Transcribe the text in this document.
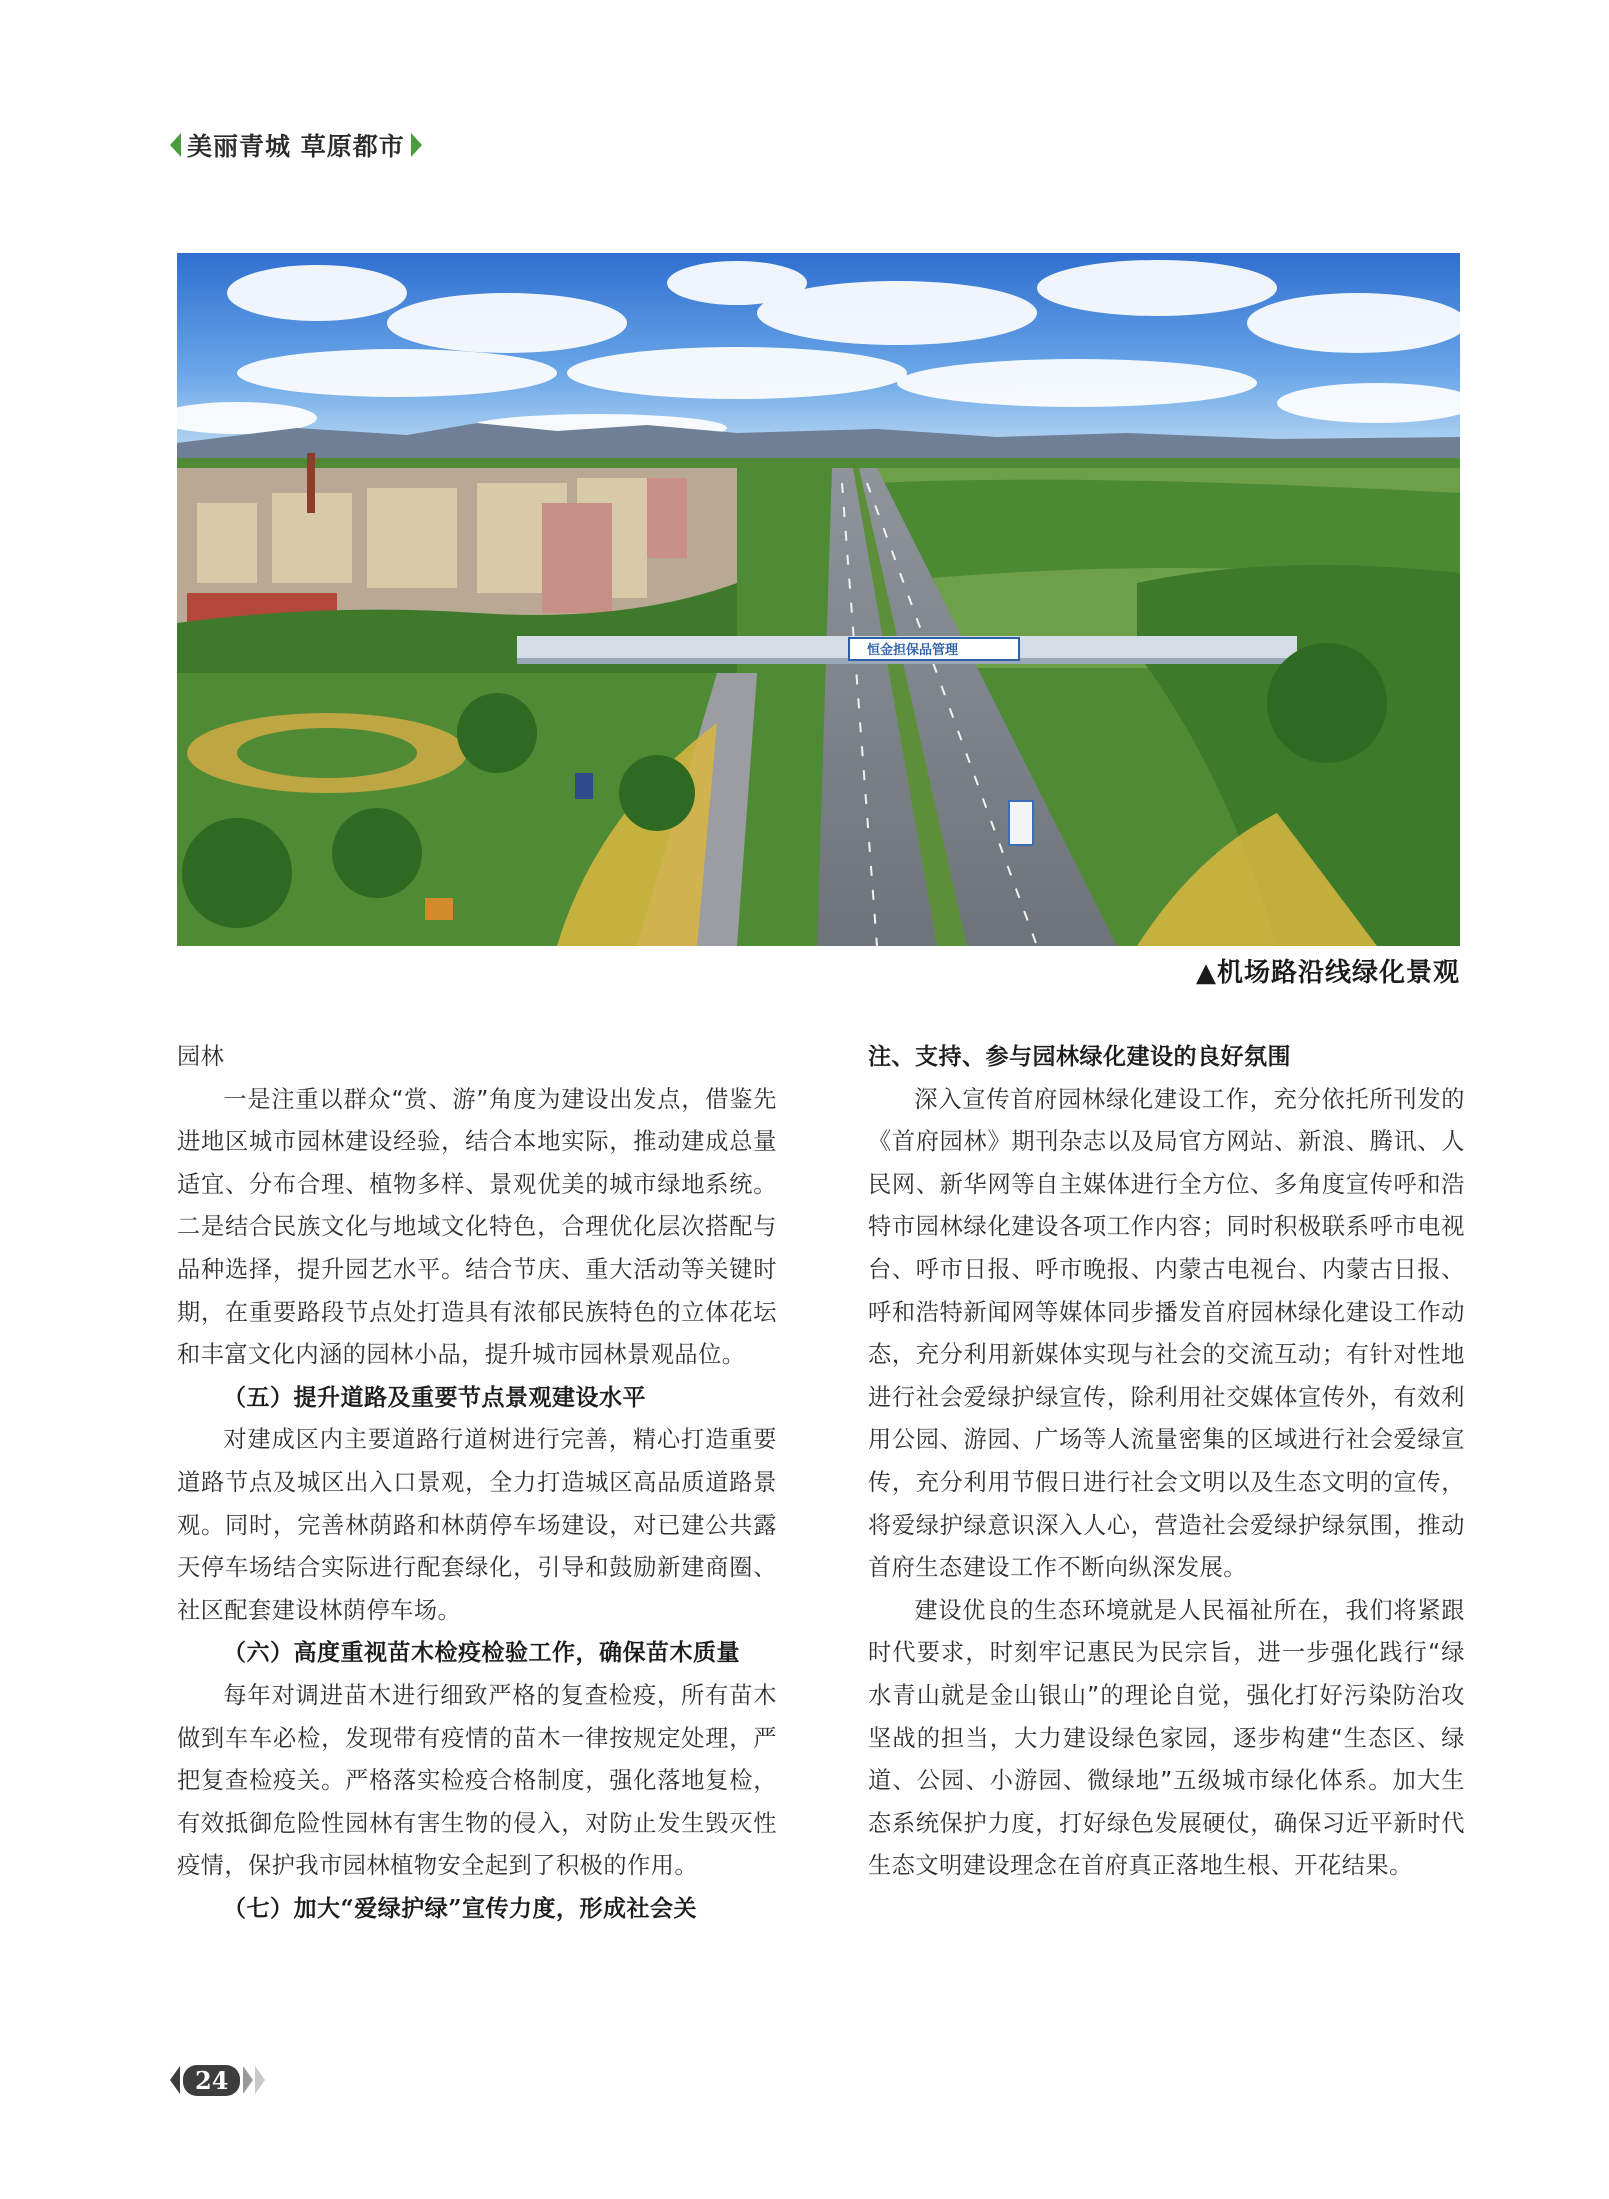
美丽青城 草原都市
恒金担保品管理
▲机场路沿线绿化景观

园林

一是注重以群众“赏、游”角度为建设出发点，借鉴先进地区城市园林建设经验，结合本地实际，推动建成总量适宜、分布合理、植物多样、景观优美的城市绿地系统。二是结合民族文化与地域文化特色，合理优化层次搭配与品种选择，提升园艺水平。结合节庆、重大活动等关键时期，在重要路段节点处打造具有浓郁民族特色的立体花坛和丰富文化内涵的园林小品，提升城市园林景观品位。

（五）提升道路及重要节点景观建设水平

对建成区内主要道路行道树进行完善，精心打造重要道路节点及城区出入口景观，全力打造城区高品质道路景观。同时，完善林荫路和林荫停车场建设，对已建公共露天停车场结合实际进行配套绿化，引导和鼓励新建商圈、社区配套建设林荫停车场。

（六）高度重视苗木检疫检验工作，确保苗木质量

每年对调进苗木进行细致严格的复查检疫，所有苗木做到车车必检，发现带有疫情的苗木一律按规定处理，严把复查检疫关。严格落实检疫合格制度，强化落地复检，有效抵御危险性园林有害生物的侵入，对防止发生毁灭性疫情，保护我市园林植物安全起到了积极的作用。

（七）加大“爱绿护绿”宣传力度，形成社会关

注、支持、参与园林绿化建设的良好氛围

深入宣传首府园林绿化建设工作，充分依托所刊发的《首府园林》期刊杂志以及局官方网站、新浪、腾讯、人民网、新华网等自主媒体进行全方位、多角度宣传呼和浩特市园林绿化建设各项工作内容；同时积极联系呼市电视台、呼市日报、呼市晚报、内蒙古电视台、内蒙古日报、呼和浩特新闻网等媒体同步播发首府园林绿化建设工作动态，充分利用新媒体实现与社会的交流互动；有针对性地进行社会爱绿护绿宣传，除利用社交媒体宣传外，有效利用公园、游园、广场等人流量密集的区域进行社会爱绿宣传，充分利用节假日进行社会文明以及生态文明的宣传，将爱绿护绿意识深入人心，营造社会爱绿护绿氛围，推动首府生态建设工作不断向纵深发展。

建设优良的生态环境就是人民福祉所在，我们将紧跟时代要求，时刻牢记惠民为民宗旨，进一步强化践行“绿水青山就是金山银山”的理论自觉，强化打好污染防治攻坚战的担当，大力建设绿色家园，逐步构建“生态区、绿道、公园、小游园、微绿地”五级城市绿化体系。加大生态系统保护力度，打好绿色发展硬仗，确保习近平新时代生态文明建设理念在首府真正落地生根、开花结果。

24
